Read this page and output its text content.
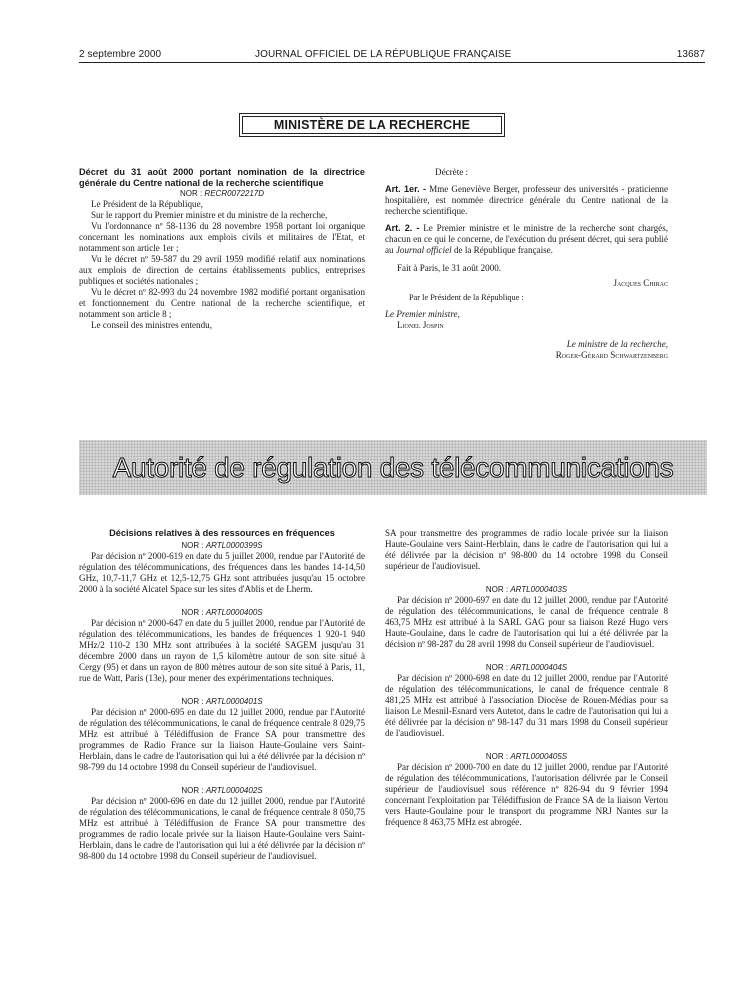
2 septembre 2000	JOURNAL OFFICIEL DE LA RÉPUBLIQUE FRANÇAISE	13687
MINISTÈRE DE LA RECHERCHE

Décret du 31 août 2000 portant nomination de la directrice générale du Centre national de la recherche scientifique

NOR : RECR0072217D

Le Président de la République,

Sur le rapport du Premier ministre et du ministre de la recherche,

Vu l'ordonnance nº 58-1136 du 28 novembre 1958 portant loi organique concernant les nominations aux emplois civils et militaires de l'Etat, et notamment son article 1er ;

Vu le décret nº 59-587 du 29 avril 1959 modifié relatif aux nominations aux emplois de direction de certains établissements publics, entreprises publiques et sociétés nationales ;

Vu le décret nº 82-993 du 24 novembre 1982 modifié portant organisation et fonctionnement du Centre national de la recherche scientifique, et notamment son article 8 ;

Le conseil des ministres entendu,

Décrète :

Art. 1er. - Mme Geneviève Berger, professeur des universités - praticienne hospitalière, est nommée directrice générale du Centre national de la recherche scientifique.

Art. 2. - Le Premier ministre et le ministre de la recherche sont chargés, chacun en ce qui le concerne, de l'exécution du présent décret, qui sera publié au Journal officiel de la République française.

Fait à Paris, le 31 août 2000.

Jacques Chirac

Par le Président de la République :

Le Premier ministre,

Lionel Jospin

Le ministre de la recherche,

Roger-Gérard Schwartzenberg

Autorité de régulation des télécommunications

Décisions relatives à des ressources en fréquences

NOR : ARTL0000399S

Par décision nº 2000-619 en date du 5 juillet 2000, rendue par l'Autorité de régulation des télécommunications, des fréquences dans les bandes 14-14,50 GHz, 10,7-11,7 GHz et 12,5-12,75 GHz sont attribuées jusqu'au 15 octobre 2000 à la société Alcatel Space sur les sites d'Ablis et de Lherm.

NOR : ARTL0000400S

Par décision nº 2000-647 en date du 5 juillet 2000, rendue par l'Autorité de régulation des télécommunications, les bandes de fréquences 1 920-1 940 MHz/2 110-2 130 MHz sont attribuées à la société SAGEM jusqu'au 31 décembre 2000 dans un rayon de 1,5 kilomètre autour de son site situé à Cergy (95) et dans un rayon de 800 mètres autour de son site situé à Paris, 11, rue de Watt, Paris (13e), pour mener des expérimentations techniques.

NOR : ARTL0000401S

Par décision nº 2000-695 en date du 12 juillet 2000, rendue par l'Autorité de régulation des télécommunications, le canal de fréquence centrale 8 029,75 MHz est attribué à Télédiffusion de France SA pour transmettre des programmes de Radio France sur la liaison Haute-Goulaine vers Saint-Herblain, dans le cadre de l'autorisation qui lui a été délivrée par la décision nº 98-799 du 14 octobre 1998 du Conseil supérieur de l'audiovisuel.

NOR : ARTL0000402S

Par décision nº 2000-696 en date du 12 juillet 2000, rendue par l'Autorité de régulation des télécommunications, le canal de fréquence centrale 8 050,75 MHz est attribué à Télédiffusion de France SA pour transmettre des programmes de radio locale privée sur la liaison Haute-Goulaine vers Saint-Herblain, dans le cadre de l'autorisation qui lui a été délivrée par la décision nº 98-800 du 14 octobre 1998 du Conseil supérieur de l'audiovisuel.

SA pour transmettre des programmes de radio locale privée sur la liaison Haute-Goulaine vers Saint-Herblain, dans le cadre de l'autorisation qui lui a été délivrée par la décision nº 98-800 du 14 octobre 1998 du Conseil supérieur de l'audiovisuel.

NOR : ARTL0000403S

Par décision nº 2000-697 en date du 12 juillet 2000, rendue par l'Autorité de régulation des télécommunications, le canal de fréquence centrale 8 463,75 MHz est attribué à la SARL GAG pour sa liaison Rezé Hugo vers Haute-Goulaine, dans le cadre de l'autorisation qui lui a été délivrée par la décision nº 98-287 du 28 avril 1998 du Conseil supérieur de l'audiovisuel.

NOR : ARTL0000404S

Par décision nº 2000-698 en date du 12 juillet 2000, rendue par l'Autorité de régulation des télécommunications, le canal de fréquence centrale 8 481,25 MHz est attribué à l'association Diocèse de Rouen-Médias pour sa liaison Le Mesnil-Esnard vers Autetot, dans le cadre de l'autorisation qui lui a été délivrée par la décision nº 98-147 du 31 mars 1998 du Conseil supérieur de l'audiovisuel.

NOR : ARTL0000405S

Par décision nº 2000-700 en date du 12 juillet 2000, rendue par l'Autorité de régulation des télécommunications, l'autorisation délivrée par le Conseil supérieur de l'audiovisuel sous référence nº 826-94 du 9 février 1994 concernant l'exploitation par Télédiffusion de France SA de la liaison Vertou vers Haute-Goulaine pour le transport du programme NRJ Nantes sur la fréquence 8 463,75 MHz est abrogée.
